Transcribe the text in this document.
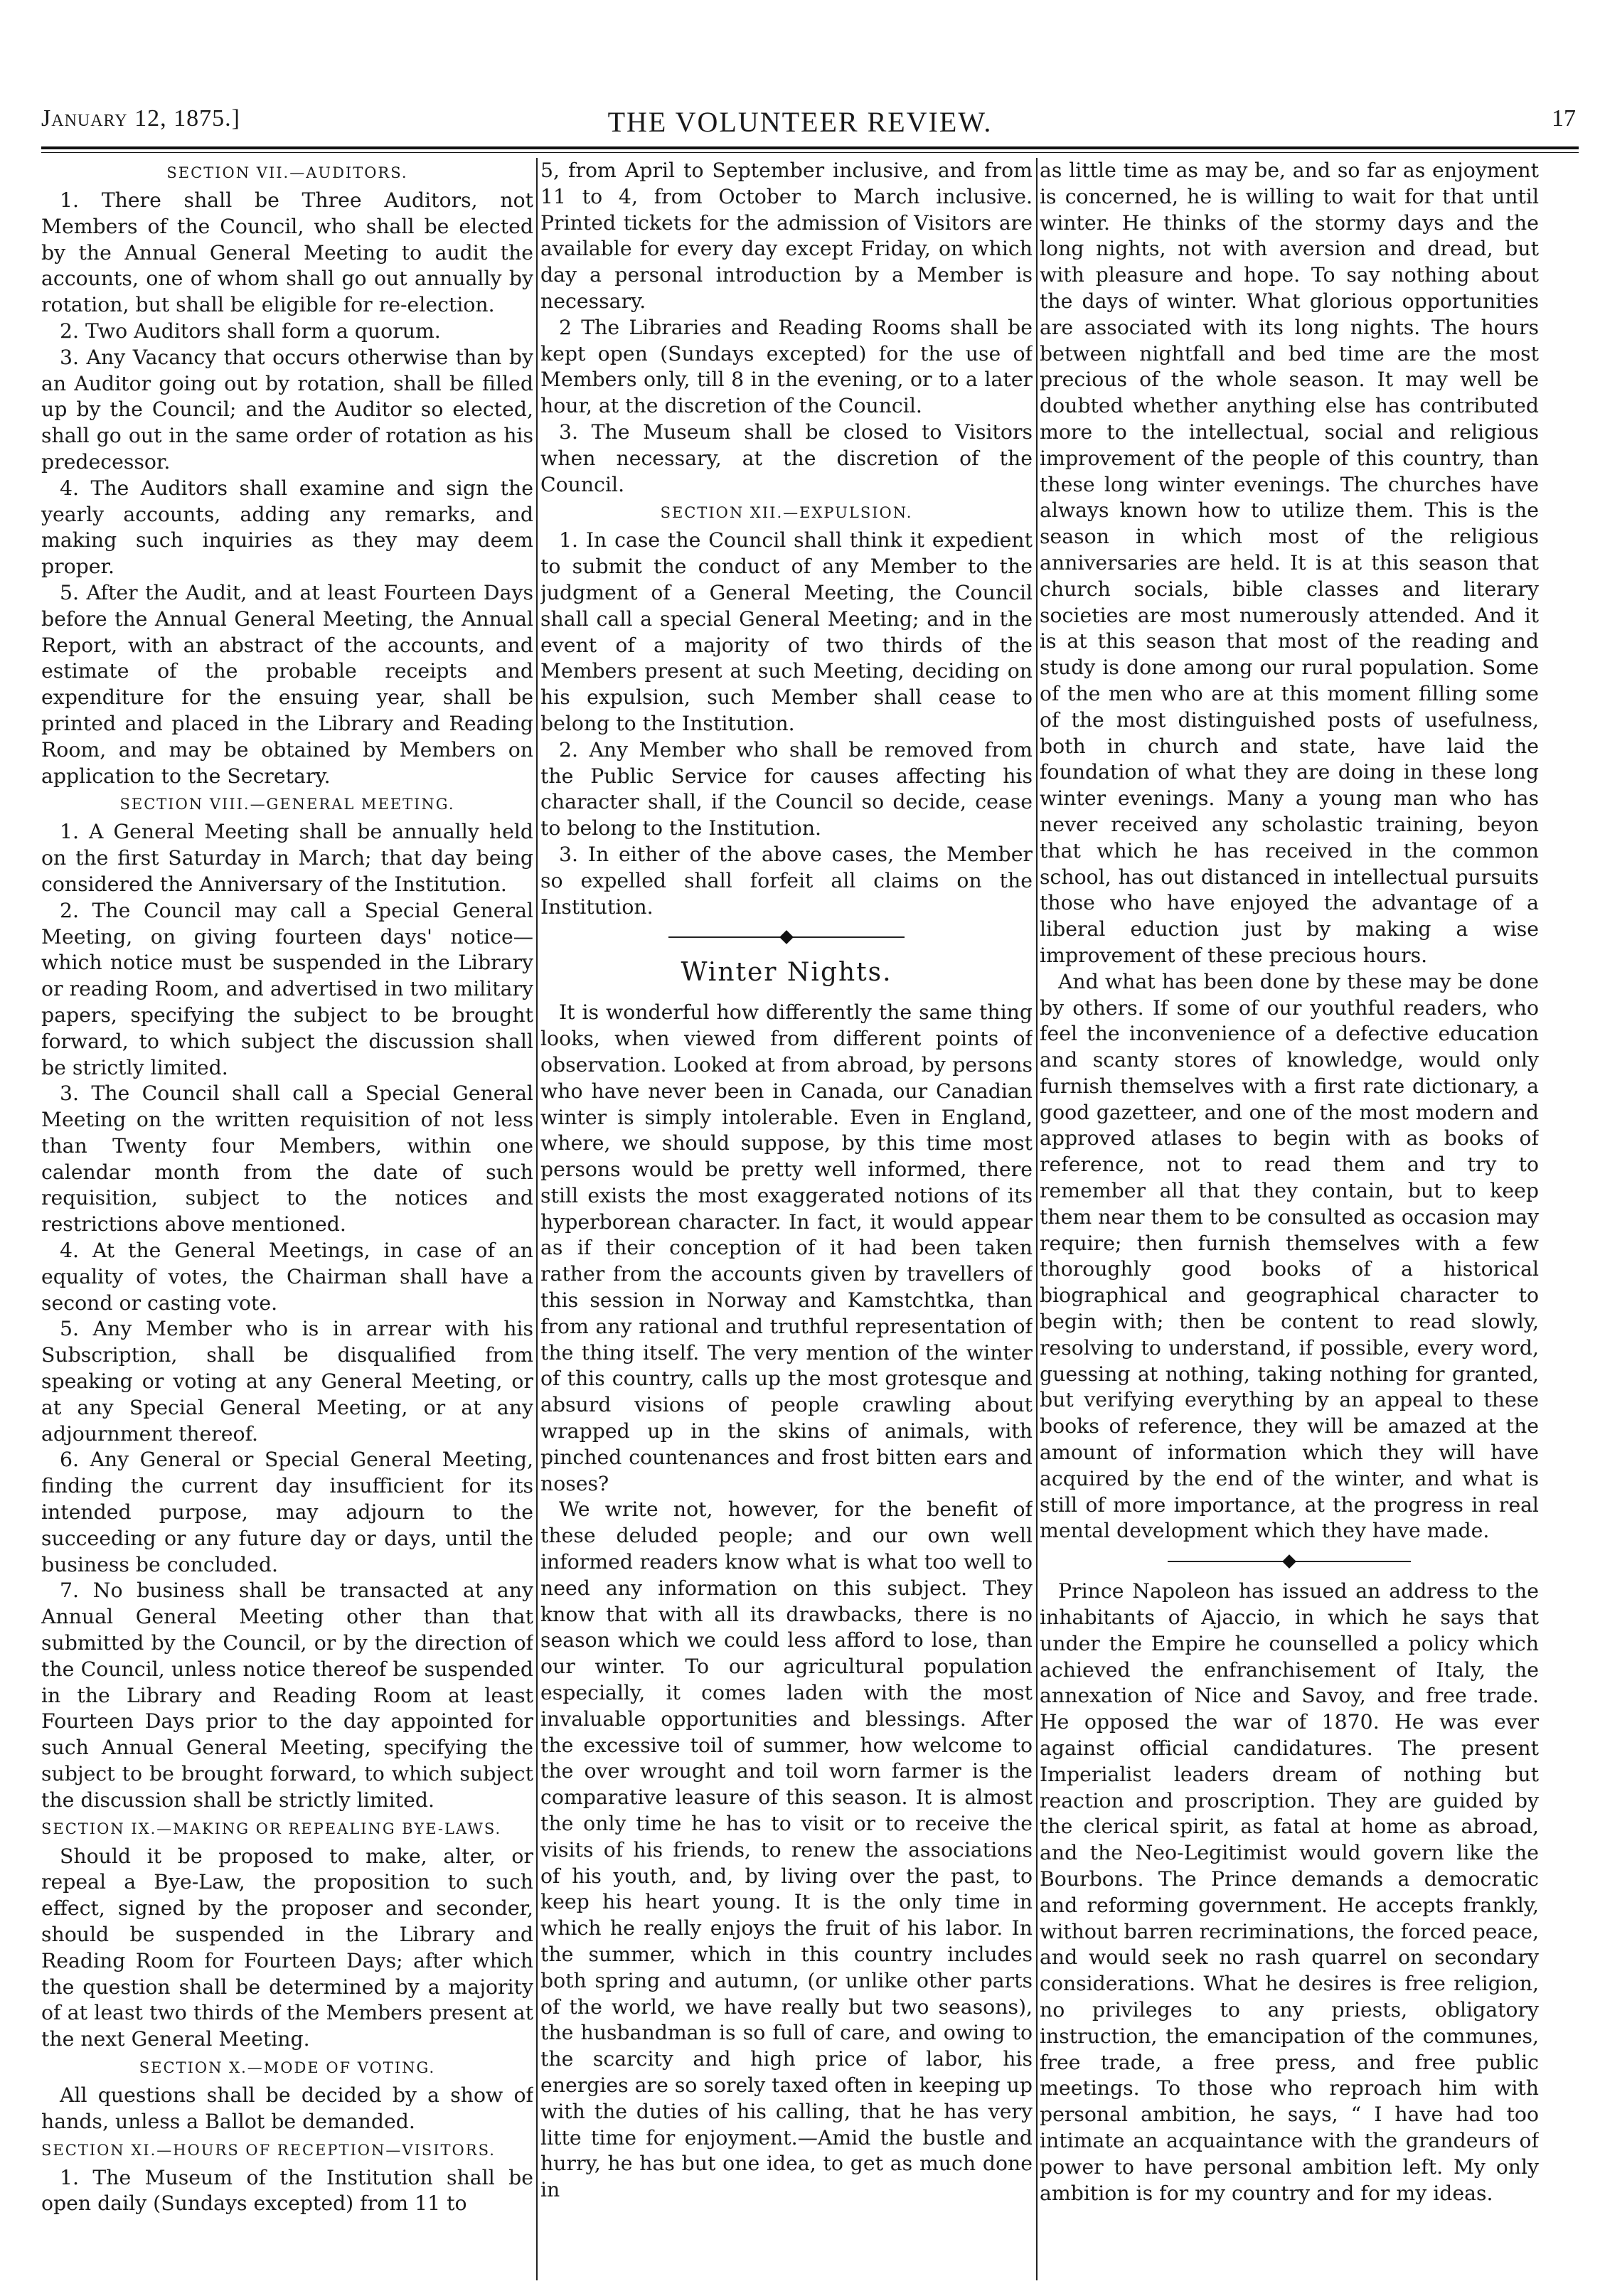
January 12, 1875.]	THE VOLUNTEER REVIEW.	17
SECTION VII.—AUDITORS.

1. There shall be Three Auditors, not Members of the Council, who shall be elected by the Annual General Meeting to audit the accounts, one of whom shall go out annually by rotation, but shall be eligible for re-election.

2. Two Auditors shall form a quorum.

3. Any Vacancy that occurs otherwise than by an Auditor going out by rotation, shall be filled up by the Council; and the Auditor so elected, shall go out in the same order of rotation as his predecessor.

4. The Auditors shall examine and sign the yearly accounts, adding any remarks, and making such inquiries as they may deem proper.

5. After the Audit, and at least Fourteen Days before the Annual General Meeting, the Annual Report, with an abstract of the accounts, and estimate of the probable receipts and expenditure for the ensuing year, shall be printed and placed in the Library and Reading Room, and may be obtained by Members on application to the Secretary.

SECTION VIII.—GENERAL MEETING.

1. A General Meeting shall be annually held on the first Saturday in March; that day being considered the Anniversary of the Institution.

2. The Council may call a Special General Meeting, on giving fourteen days' notice—which notice must be suspended in the Library or reading Room, and advertised in two military papers, specifying the subject to be brought forward, to which subject the discussion shall be strictly limited.

3. The Council shall call a Special General Meeting on the written requisition of not less than Twenty four Members, within one calendar month from the date of such requisition, subject to the notices and restrictions above mentioned.

4. At the General Meetings, in case of an equality of votes, the Chairman shall have a second or casting vote.

5. Any Member who is in arrear with his Subscription, shall be disqualified from speaking or voting at any General Meeting, or at any Special General Meeting, or at any adjournment thereof.

6. Any General or Special General Meeting, finding the current day insufficient for its intended purpose, may adjourn to the succeeding or any future day or days, until the business be concluded.

7. No business shall be transacted at any Annual General Meeting other than that submitted by the Council, or by the direction of the Council, unless notice thereof be suspended in the Library and Reading Room at least Fourteen Days prior to the day appointed for such Annual General Meeting, specifying the subject to be brought forward, to which subject the discussion shall be strictly limited.

SECTION IX.—MAKING OR REPEALING BYE-LAWS.

Should it be proposed to make, alter, or repeal a Bye-Law, the proposition to such effect, signed by the proposer and seconder, should be suspended in the Library and Reading Room for Fourteen Days; after which the question shall be determined by a majority of at least two thirds of the Members present at the next General Meeting.

SECTION X.—MODE OF VOTING.

All questions shall be decided by a show of hands, unless a Ballot be demanded.

SECTION XI.—HOURS OF RECEPTION—VISITORS.

1. The Museum of the Institution shall be open daily (Sundays excepted) from 11 to

5, from April to September inclusive, and from 11 to 4, from October to March inclusive. Printed tickets for the admission of Visitors are available for every day except Friday, on which day a personal introduction by a Member is necessary.

2 The Libraries and Reading Rooms shall be kept open (Sundays excepted) for the use of Members only, till 8 in the evening, or to a later hour, at the discretion of the Council.

3. The Museum shall be closed to Visitors when necessary, at the discretion of the Council.

SECTION XII.—EXPULSION.

1. In case the Council shall think it expedient to submit the conduct of any Member to the judgment of a General Meeting, the Council shall call a special General Meeting; and in the event of a majority of two thirds of the Members present at such Meeting, deciding on his expulsion, such Member shall cease to belong to the Institution.

2. Any Member who shall be removed from the Public Service for causes affecting his character shall, if the Council so decide, cease to belong to the Institution.

3. In either of the above cases, the Member so expelled shall forfeit all claims on the Institution.

Winter Nights.

It is wonderful how differently the same thing looks, when viewed from different points of observation. Looked at from abroad, by persons who have never been in Canada, our Canadian winter is simply intolerable. Even in England, where, we should suppose, by this time most persons would be pretty well informed, there still exists the most exaggerated notions of its hyperborean character. In fact, it would appear as if their conception of it had been taken rather from the accounts given by travellers of this session in Norway and Kamstchtka, than from any rational and truthful representation of the thing itself. The very mention of the winter of this country, calls up the most grotesque and absurd visions of people crawling about wrapped up in the skins of animals, with pinched countenances and frost bitten ears and noses?

We write not, however, for the benefit of these deluded people; and our own well informed readers know what is what too well to need any information on this subject. They know that with all its drawbacks, there is no season which we could less afford to lose, than our winter. To our agricultural population especially, it comes laden with the most invaluable opportunities and blessings. After the excessive toil of summer, how welcome to the over wrought and toil worn farmer is the comparative leasure of this season. It is almost the only time he has to visit or to receive the visits of his friends, to renew the associations of his youth, and, by living over the past, to keep his heart young. It is the only time in which he really enjoys the fruit of his labor. In the summer, which in this country includes both spring and autumn, (or unlike other parts of the world, we have really but two seasons), the husbandman is so full of care, and owing to the scarcity and high price of labor, his energies are so sorely taxed often in keeping up with the duties of his calling, that he has very litte time for enjoyment.—Amid the bustle and hurry, he has but one idea, to get as much done in

as little time as may be, and so far as enjoyment is concerned, he is willing to wait for that until winter. He thinks of the stormy days and the long nights, not with aversion and dread, but with pleasure and hope. To say nothing about the days of winter. What glorious opportunities are associated with its long nights. The hours between nightfall and bed time are the most precious of the whole season. It may well be doubted whether anything else has contributed more to the intellectual, social and religious improvement of the people of this country, than these long winter evenings. The churches have always known how to utilize them. This is the season in which most of the religious anniversaries are held. It is at this season that church socials, bible classes and literary societies are most numerously attended. And it is at this season that most of the reading and study is done among our rural population. Some of the men who are at this moment filling some of the most distinguished posts of usefulness, both in church and state, have laid the foundation of what they are doing in these long winter evenings. Many a young man who has never received any scholastic training, beyon that which he has received in the common school, has out distanced in intellectual pursuits those who have enjoyed the advantage of a liberal eduction just by making a wise improvement of these precious hours.

And what has been done by these may be done by others. If some of our youthful readers, who feel the inconvenience of a defective education and scanty stores of knowledge, would only furnish themselves with a first rate dictionary, a good gazetteer, and one of the most modern and approved atlases to begin with as books of reference, not to read them and try to remember all that they contain, but to keep them near them to be consulted as occasion may require; then furnish themselves with a few thoroughly good books of a historical biographical and geographical character to begin with; then be content to read slowly, resolving to understand, if possible, every word, guessing at nothing, taking nothing for granted, but verifying everything by an appeal to these books of reference, they will be amazed at the amount of information which they will have acquired by the end of the winter, and what is still of more importance, at the progress in real mental development which they have made.

Prince Napoleon has issued an address to the inhabitants of Ajaccio, in which he says that under the Empire he counselled a policy which achieved the enfranchisement of Italy, the annexation of Nice and Savoy, and free trade. He opposed the war of 1870. He was ever against official candidatures. The present Imperialist leaders dream of nothing but reaction and proscription. They are guided by the clerical spirit, as fatal at home as abroad, and the Neo-Legitimist would govern like the Bourbons. The Prince demands a democratic and reforming government. He accepts frankly, without barren recriminations, the forced peace, and would seek no rash quarrel on secondary considerations. What he desires is free religion, no privileges to any priests, obligatory instruction, the emancipation of the communes, free trade, a free press, and free public meetings. To those who reproach him with personal ambition, he says, “ I have had too intimate an acquaintance with the grandeurs of power to have personal ambition left. My only ambition is for my country and for my ideas.
